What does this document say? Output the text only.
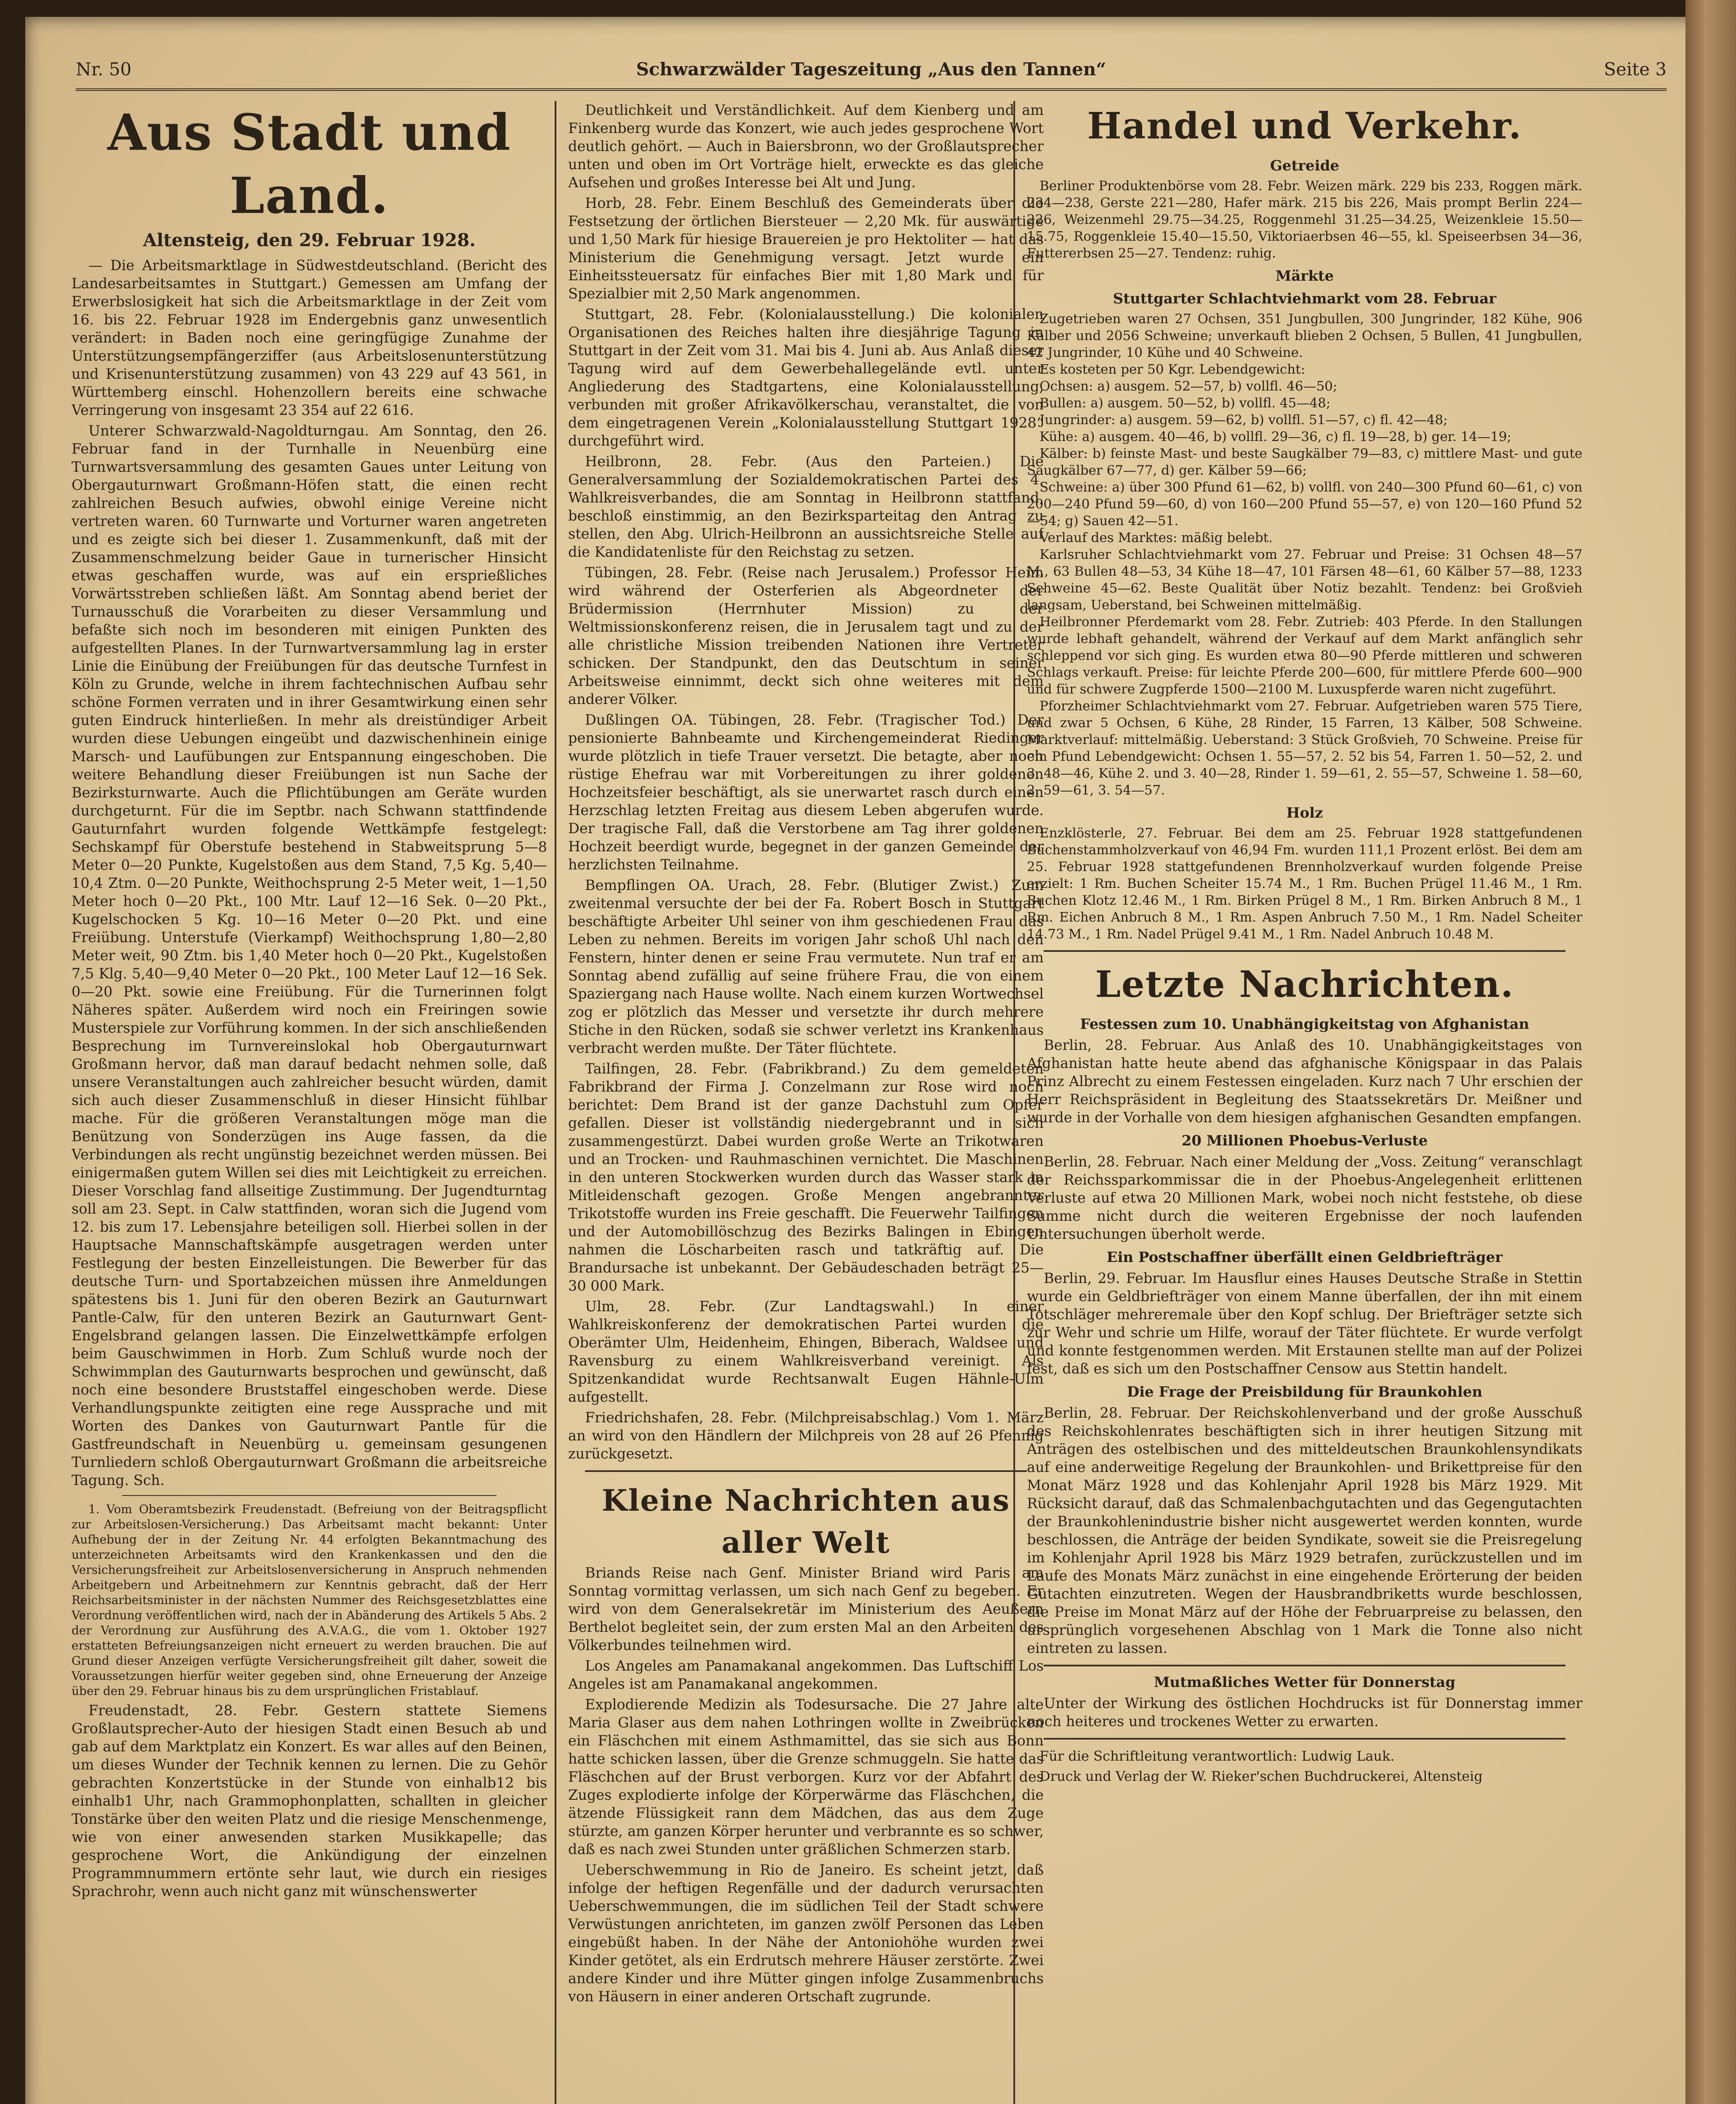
Nr. 50	Schwarzwälder Tageszeitung „Aus den Tannen“	Seite 3
Aus Stadt und Land.
Altensteig, den 29. Februar 1928.

— Die Arbeitsmarktlage in Südwestdeutschland. (Bericht des Landesarbeitsamtes in Stuttgart.) Gemessen am Umfang der Erwerbslosigkeit hat sich die Arbeitsmarktlage in der Zeit vom 16. bis 22. Februar 1928 im Endergebnis ganz unwesentlich verändert: in Baden noch eine geringfügige Zunahme der Unterstützungsempfängerziffer (aus Arbeitslosenunterstützung und Krisenunterstützung zusammen) von 43 229 auf 43 561, in Württemberg einschl. Hohenzollern bereits eine schwache Verringerung von insgesamt 23 354 auf 22 616.

Unterer Schwarzwald-Nagoldturngau. Am Sonntag, den 26. Februar fand in der Turnhalle in Neuenbürg eine Turnwartsversammlung des gesamten Gaues unter Leitung von Obergauturnwart Großmann-Höfen statt, die einen recht zahlreichen Besuch aufwies, obwohl einige Vereine nicht vertreten waren. 60 Turnwarte und Vorturner waren angetreten und es zeigte sich bei dieser 1. Zusammenkunft, daß mit der Zusammenschmelzung beider Gaue in turnerischer Hinsicht etwas geschaffen wurde, was auf ein ersprießliches Vorwärtsstreben schließen läßt. Am Sonntag abend beriet der Turnausschuß die Vorarbeiten zu dieser Versammlung und befaßte sich noch im besonderen mit einigen Punkten des aufgestellten Planes. In der Turnwartversammlung lag in erster Linie die Einübung der Freiübungen für das deutsche Turnfest in Köln zu Grunde, welche in ihrem fachtechnischen Aufbau sehr schöne Formen verraten und in ihrer Gesamtwirkung einen sehr guten Eindruck hinterließen. In mehr als dreistündiger Arbeit wurden diese Uebungen eingeübt und dazwischenhinein einige Marsch- und Laufübungen zur Entspannung eingeschoben. Die weitere Behandlung dieser Freiübungen ist nun Sache der Bezirksturnwarte. Auch die Pflichtübungen am Geräte wurden durchgeturnt. Für die im Septbr. nach Schwann stattfindende Gauturnfahrt wurden folgende Wettkämpfe festgelegt: Sechskampf für Oberstufe bestehend in Stabweitsprung 5—8 Meter 0—20 Punkte, Kugelstoßen aus dem Stand, 7,5 Kg. 5,40—10,4 Ztm. 0—20 Punkte, Weithochsprung 2-5 Meter weit, 1—1,50 Meter hoch 0—20 Pkt., 100 Mtr. Lauf 12—16 Sek. 0—20 Pkt., Kugelschocken 5 Kg. 10—16 Meter 0—20 Pkt. und eine Freiübung. Unterstufe (Vierkampf) Weithochsprung 1,80—2,80 Meter weit, 90 Ztm. bis 1,40 Meter hoch 0—20 Pkt., Kugelstoßen 7,5 Klg. 5,40—9,40 Meter 0—20 Pkt., 100 Meter Lauf 12—16 Sek. 0—20 Pkt. sowie eine Freiübung. Für die Turnerinnen folgt Näheres später. Außerdem wird noch ein Freiringen sowie Musterspiele zur Vorführung kommen. In der sich anschließenden Besprechung im Turnvereinslokal hob Obergauturnwart Großmann hervor, daß man darauf bedacht nehmen solle, daß unsere Veranstaltungen auch zahlreicher besucht würden, damit sich auch dieser Zusammenschluß in dieser Hinsicht fühlbar mache. Für die größeren Veranstaltungen möge man die Benützung von Sonderzügen ins Auge fassen, da die Verbindungen als recht ungünstig bezeichnet werden müssen. Bei einigermaßen gutem Willen sei dies mit Leichtigkeit zu erreichen. Dieser Vorschlag fand allseitige Zustimmung. Der Jugendturntag soll am 23. Sept. in Calw stattfinden, woran sich die Jugend vom 12. bis zum 17. Lebensjahre beteiligen soll. Hierbei sollen in der Hauptsache Mannschaftskämpfe ausgetragen werden unter Festlegung der besten Einzelleistungen. Die Bewerber für das deutsche Turn- und Sportabzeichen müssen ihre Anmeldungen spätestens bis 1. Juni für den oberen Bezirk an Gauturnwart Pantle-Calw, für den unteren Bezirk an Gauturnwart Gent-Engelsbrand gelangen lassen. Die Einzelwettkämpfe erfolgen beim Gauschwimmen in Horb. Zum Schluß wurde noch der Schwimmplan des Gauturnwarts besprochen und gewünscht, daß noch eine besondere Bruststaffel eingeschoben werde. Diese Verhandlungspunkte zeitigten eine rege Aussprache und mit Worten des Dankes von Gauturnwart Pantle für die Gastfreundschaft in Neuenbürg u. gemeinsam gesungenen Turnliedern schloß Obergauturnwart Großmann die arbeitsreiche Tagung. Sch.

1. Vom Oberamtsbezirk Freudenstadt. (Befreiung von der Beitragspflicht zur Arbeitslosen-Versicherung.) Das Arbeitsamt macht bekannt: Unter Aufhebung der in der Zeitung Nr. 44 erfolgten Bekanntmachung des unterzeichneten Arbeitsamts wird den Krankenkassen und den die Versicherungsfreiheit zur Arbeitslosenversicherung in Anspruch nehmenden Arbeitgebern und Arbeitnehmern zur Kenntnis gebracht, daß der Herr Reichsarbeitsminister in der nächsten Nummer des Reichsgesetzblattes eine Verordnung veröffentlichen wird, nach der in Abänderung des Artikels 5 Abs. 2 der Verordnung zur Ausführung des A.V.A.G., die vom 1. Oktober 1927 erstatteten Befreiungsanzeigen nicht erneuert zu werden brauchen. Die auf Grund dieser Anzeigen verfügte Versicherungsfreiheit gilt daher, soweit die Voraussetzungen hierfür weiter gegeben sind, ohne Erneuerung der Anzeige über den 29. Februar hinaus bis zu dem ursprünglichen Fristablauf.

Freudenstadt, 28. Febr. Gestern stattete Siemens Großlautsprecher-Auto der hiesigen Stadt einen Besuch ab und gab auf dem Marktplatz ein Konzert. Es war alles auf den Beinen, um dieses Wunder der Technik kennen zu lernen. Die zu Gehör gebrachten Konzertstücke in der Stunde von einhalb12 bis einhalb1 Uhr, nach Grammophonplatten, schallten in gleicher Tonstärke über den weiten Platz und die riesige Menschenmenge, wie von einer anwesenden starken Musikkapelle; das gesprochene Wort, die Ankündigung der einzelnen Programmnummern ertönte sehr laut, wie durch ein riesiges Sprachrohr, wenn auch nicht ganz mit wünschenswerter

Deutlichkeit und Verständlichkeit. Auf dem Kienberg und am Finkenberg wurde das Konzert, wie auch jedes gesprochene Wort deutlich gehört. — Auch in Baiersbronn, wo der Großlautsprecher unten und oben im Ort Vorträge hielt, erweckte es das gleiche Aufsehen und großes Interesse bei Alt und Jung.

Horb, 28. Febr. Einem Beschluß des Gemeinderats über die Festsetzung der örtlichen Biersteuer — 2,20 Mk. für auswärtige und 1,50 Mark für hiesige Brauereien je pro Hektoliter — hat das Ministerium die Genehmigung versagt. Jetzt wurde ein Einheitssteuersatz für einfaches Bier mit 1,80 Mark und für Spezialbier mit 2,50 Mark angenommen.

Stuttgart, 28. Febr. (Kolonialausstellung.) Die kolonialen Organisationen des Reiches halten ihre diesjährige Tagung in Stuttgart in der Zeit vom 31. Mai bis 4. Juni ab. Aus Anlaß dieser Tagung wird auf dem Gewerbehallegelände evtl. unter Angliederung des Stadtgartens, eine Kolonialausstellung, verbunden mit großer Afrikavölkerschau, veranstaltet, die von dem eingetragenen Verein „Kolonialausstellung Stuttgart 1928“ durchgeführt wird.

Heilbronn, 28. Febr. (Aus den Parteien.) Die Generalversammlung der Sozialdemokratischen Partei des 4. Wahlkreisverbandes, die am Sonntag in Heilbronn stattfand, beschloß einstimmig, an den Bezirksparteitag den Antrag zu stellen, den Abg. Ulrich-Heilbronn an aussichtsreiche Stelle auf die Kandidatenliste für den Reichstag zu setzen.

Tübingen, 28. Febr. (Reise nach Jerusalem.) Professor Heim wird während der Osterferien als Abgeordneter der Brüdermission (Herrnhuter Mission) zu der Weltmissionskonferenz reisen, die in Jerusalem tagt und zu der alle christliche Mission treibenden Nationen ihre Vertreter schicken. Der Standpunkt, den das Deutschtum in seiner Arbeitsweise einnimmt, deckt sich ohne weiteres mit dem anderer Völker.

Dußlingen OA. Tübingen, 28. Febr. (Tragischer Tod.) Der pensionierte Bahnbeamte und Kirchengemeinderat Riedinger wurde plötzlich in tiefe Trauer versetzt. Die betagte, aber noch rüstige Ehefrau war mit Vorbereitungen zu ihrer goldenen Hochzeitsfeier beschäftigt, als sie unerwartet rasch durch einen Herzschlag letzten Freitag aus diesem Leben abgerufen wurde. Der tragische Fall, daß die Verstorbene am Tag ihrer goldenen Hochzeit beerdigt wurde, begegnet in der ganzen Gemeinde der herzlichsten Teilnahme.

Bempflingen OA. Urach, 28. Febr. (Blutiger Zwist.) Zum zweitenmal versuchte der bei der Fa. Robert Bosch in Stuttgart beschäftigte Arbeiter Uhl seiner von ihm geschiedenen Frau das Leben zu nehmen. Bereits im vorigen Jahr schoß Uhl nach den Fenstern, hinter denen er seine Frau vermutete. Nun traf er am Sonntag abend zufällig auf seine frühere Frau, die von einem Spaziergang nach Hause wollte. Nach einem kurzen Wortwechsel zog er plötzlich das Messer und versetzte ihr durch mehrere Stiche in den Rücken, sodaß sie schwer verletzt ins Krankenhaus verbracht werden mußte. Der Täter flüchtete.

Tailfingen, 28. Febr. (Fabrikbrand.) Zu dem gemeldeten Fabrikbrand der Firma J. Conzelmann zur Rose wird noch berichtet: Dem Brand ist der ganze Dachstuhl zum Opfer gefallen. Dieser ist vollständig niedergebrannt und in sich zusammengestürzt. Dabei wurden große Werte an Trikotwaren und an Trocken- und Rauhmaschinen vernichtet. Die Maschinen in den unteren Stockwerken wurden durch das Wasser stark in Mitleidenschaft gezogen. Große Mengen angebrannter Trikotstoffe wurden ins Freie geschafft. Die Feuerwehr Tailfingen und der Automobillöschzug des Bezirks Balingen in Ebingen nahmen die Löscharbeiten rasch und tatkräftig auf. Die Brandursache ist unbekannt. Der Gebäudeschaden beträgt 25—30 000 Mark.

Ulm, 28. Febr. (Zur Landtagswahl.) In einer Wahlkreiskonferenz der demokratischen Partei wurden die Oberämter Ulm, Heidenheim, Ehingen, Biberach, Waldsee und Ravensburg zu einem Wahlkreisverband vereinigt. Als Spitzenkandidat wurde Rechtsanwalt Eugen Hähnle-Ulm aufgestellt.

Friedrichshafen, 28. Febr. (Milchpreisabschlag.) Vom 1. März an wird von den Händlern der Milchpreis von 28 auf 26 Pfennig zurückgesetzt.

Kleine Nachrichten aus aller Welt

Briands Reise nach Genf. Minister Briand wird Paris am Sonntag vormittag verlassen, um sich nach Genf zu begeben. Er wird von dem Generalsekretär im Ministerium des Aeußern Berthelot begleitet sein, der zum ersten Mal an den Arbeiten des Völkerbundes teilnehmen wird.

Los Angeles am Panamakanal angekommen. Das Luftschiff Los Angeles ist am Panamakanal angekommen.

Explodierende Medizin als Todesursache. Die 27 Jahre alte Maria Glaser aus dem nahen Lothringen wollte in Zweibrücken ein Fläschchen mit einem Asthmamittel, das sie sich aus Bonn hatte schicken lassen, über die Grenze schmuggeln. Sie hatte das Fläschchen auf der Brust verborgen. Kurz vor der Abfahrt des Zuges explodierte infolge der Körperwärme das Fläschchen, die ätzende Flüssigkeit rann dem Mädchen, das aus dem Zuge stürzte, am ganzen Körper herunter und verbrannte es so schwer, daß es nach zwei Stunden unter gräßlichen Schmerzen starb.

Ueberschwemmung in Rio de Janeiro. Es scheint jetzt, daß infolge der heftigen Regenfälle und der dadurch verursachten Ueberschwemmungen, die im südlichen Teil der Stadt schwere Verwüstungen anrichteten, im ganzen zwölf Personen das Leben eingebüßt haben. In der Nähe der Antoniohöhe wurden zwei Kinder getötet, als ein Erdrutsch mehrere Häuser zerstörte. Zwei andere Kinder und ihre Mütter gingen infolge Zusammenbruchs von Häusern in einer anderen Ortschaft zugrunde.

Handel und Verkehr.
Getreide

Berliner Produktenbörse vom 28. Febr. Weizen märk. 229 bis 233, Roggen märk. 234—238, Gerste 221—280, Hafer märk. 215 bis 226, Mais prompt Berlin 224—226, Weizenmehl 29.75—34.25, Roggenmehl 31.25—34.25, Weizenkleie 15.50—15.75, Roggenkleie 15.40—15.50, Viktoriaerbsen 46—55, kl. Speiseerbsen 34—36, Futtererbsen 25—27. Tendenz: ruhig.

Märkte
Stuttgarter Schlachtviehmarkt vom 28. Februar

Zugetrieben waren 27 Ochsen, 351 Jungbullen, 300 Jungrinder, 182 Kühe, 906 Kälber und 2056 Schweine; unverkauft blieben 2 Ochsen, 5 Bullen, 41 Jungbullen, 42 Jungrinder, 10 Kühe und 40 Schweine.

Es kosteten per 50 Kgr. Lebendgewicht:

Ochsen: a) ausgem. 52—57, b) vollfl. 46—50;

Bullen: a) ausgem. 50—52, b) vollfl. 45—48;

Jungrinder: a) ausgem. 59—62, b) vollfl. 51—57, c) fl. 42—48;

Kühe: a) ausgem. 40—46, b) vollfl. 29—36, c) fl. 19—28, b) ger. 14—19;

Kälber: b) feinste Mast- und beste Saugkälber 79—83, c) mittlere Mast- und gute Saugkälber 67—77, d) ger. Kälber 59—66;

Schweine: a) über 300 Pfund 61—62, b) vollfl. von 240—300 Pfund 60—61, c) von 200—240 Pfund 59—60, d) von 160—200 Pfund 55—57, e) von 120—160 Pfund 52—54; g) Sauen 42—51.

Verlauf des Marktes: mäßig belebt.

Karlsruher Schlachtviehmarkt vom 27. Februar und Preise: 31 Ochsen 48—57 M., 63 Bullen 48—53, 34 Kühe 18—47, 101 Färsen 48—61, 60 Kälber 57—88, 1233 Schweine 45—62. Beste Qualität über Notiz bezahlt. Tendenz: bei Großvieh langsam, Ueberstand, bei Schweinen mittelmäßig.

Heilbronner Pferdemarkt vom 28. Febr. Zutrieb: 403 Pferde. In den Stallungen wurde lebhaft gehandelt, während der Verkauf auf dem Markt anfänglich sehr schleppend vor sich ging. Es wurden etwa 80—90 Pferde mittleren und schweren Schlags verkauft. Preise: für leichte Pferde 200—600, für mittlere Pferde 600—900 und für schwere Zugpferde 1500—2100 M. Luxuspferde waren nicht zugeführt.

Pforzheimer Schlachtviehmarkt vom 27. Februar. Aufgetrieben waren 575 Tiere, und zwar 5 Ochsen, 6 Kühe, 28 Rinder, 15 Farren, 13 Kälber, 508 Schweine. Marktverlauf: mittelmäßig. Ueberstand: 3 Stück Großvieh, 70 Schweine. Preise für ein Pfund Lebendgewicht: Ochsen 1. 55—57, 2. 52 bis 54, Farren 1. 50—52, 2. und 3. 48—46, Kühe 2. und 3. 40—28, Rinder 1. 59—61, 2. 55—57, Schweine 1. 58—60, 2. 59—61, 3. 54—57.

Holz

Enzklösterle, 27. Februar. Bei dem am 25. Februar 1928 stattgefundenen Buchenstammholzverkauf von 46,94 Fm. wurden 111,1 Prozent erlöst. Bei dem am 25. Februar 1928 stattgefundenen Brennholzverkauf wurden folgende Preise erzielt: 1 Rm. Buchen Scheiter 15.74 M., 1 Rm. Buchen Prügel 11.46 M., 1 Rm. Buchen Klotz 12.46 M., 1 Rm. Birken Prügel 8 M., 1 Rm. Birken Anbruch 8 M., 1 Rm. Eichen Anbruch 8 M., 1 Rm. Aspen Anbruch 7.50 M., 1 Rm. Nadel Scheiter 14.73 M., 1 Rm. Nadel Prügel 9.41 M., 1 Rm. Nadel Anbruch 10.48 M.

Letzte Nachrichten.
Festessen zum 10. Unabhängigkeitstag von Afghanistan

Berlin, 28. Februar. Aus Anlaß des 10. Unabhängigkeitstages von Afghanistan hatte heute abend das afghanische Königspaar in das Palais Prinz Albrecht zu einem Festessen eingeladen. Kurz nach 7 Uhr erschien der Herr Reichspräsident in Begleitung des Staatssekretärs Dr. Meißner und wurde in der Vorhalle von dem hiesigen afghanischen Gesandten empfangen.

20 Millionen Phoebus-Verluste

Berlin, 28. Februar. Nach einer Meldung der „Voss. Zeitung“ veranschlagt der Reichssparkommissar die in der Phoebus-Angelegenheit erlittenen Verluste auf etwa 20 Millionen Mark, wobei noch nicht feststehe, ob diese Summe nicht durch die weiteren Ergebnisse der noch laufenden Untersuchungen überholt werde.

Ein Postschaffner überfällt einen Geldbriefträger

Berlin, 29. Februar. Im Hausflur eines Hauses Deutsche Straße in Stettin wurde ein Geldbriefträger von einem Manne überfallen, der ihn mit einem Totschläger mehreremale über den Kopf schlug. Der Briefträger setzte sich zur Wehr und schrie um Hilfe, worauf der Täter flüchtete. Er wurde verfolgt und konnte festgenommen werden. Mit Erstaunen stellte man auf der Polizei fest, daß es sich um den Postschaffner Censow aus Stettin handelt.

Die Frage der Preisbildung für Braunkohlen

Berlin, 28. Februar. Der Reichskohlenverband und der große Ausschuß des Reichskohlenrates beschäftigten sich in ihrer heutigen Sitzung mit Anträgen des ostelbischen und des mitteldeutschen Braunkohlensyndikats auf eine anderweitige Regelung der Braunkohlen- und Brikettpreise für den Monat März 1928 und das Kohlenjahr April 1928 bis März 1929. Mit Rücksicht darauf, daß das Schmalenbachgutachten und das Gegengutachten der Braunkohlenindustrie bisher nicht ausgewertet werden konnten, wurde beschlossen, die Anträge der beiden Syndikate, soweit sie die Preisregelung im Kohlenjahr April 1928 bis März 1929 betrafen, zurückzustellen und im Laufe des Monats März zunächst in eine eingehende Erörterung der beiden Gutachten einzutreten. Wegen der Hausbrandbriketts wurde beschlossen, die Preise im Monat März auf der Höhe der Februarpreise zu belassen, den ursprünglich vorgesehenen Abschlag von 1 Mark die Tonne also nicht eintreten zu lassen.

Mutmaßliches Wetter für Donnerstag

Unter der Wirkung des östlichen Hochdrucks ist für Donnerstag immer noch heiteres und trockenes Wetter zu erwarten.

Für die Schriftleitung verantwortlich: Ludwig Lauk.

Druck und Verlag der W. Rieker'schen Buchdruckerei, Altensteig
